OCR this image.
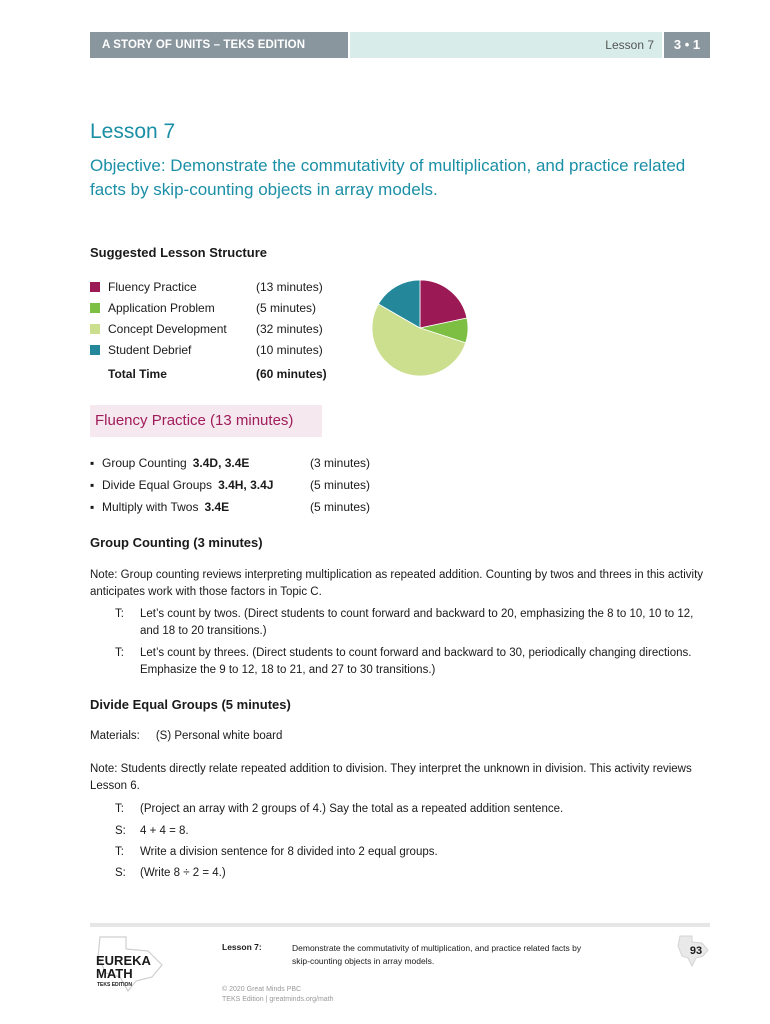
A STORY OF UNITS – TEKS EDITION	Lesson 7	3 • 1
Lesson 7
Objective: Demonstrate the commutativity of multiplication, and practice related facts by skip-counting objects in array models.
Suggested Lesson Structure
Fluency Practice	(13 minutes)
Application Problem	(5 minutes)
Concept Development (32 minutes)
Student Debrief	(10 minutes)
Total Time	(60 minutes)
Fluency Practice (13 minutes)
▪ Group Counting 3.4D, 3.4E	(3 minutes)
▪ Divide Equal Groups 3.4H, 3.4J	(5 minutes)
▪ Multiply with Twos 3.4E	(5 minutes)
Group Counting (3 minutes)
Note: Group counting reviews interpreting multiplication as repeated addition. Counting by twos and threes in this activity anticipates work with those factors in Topic C.
T: Let’s count by twos. (Direct students to count forward and backward to 20, emphasizing the 8 to 10, 10 to 12, and 18 to 20 transitions.)
T: Let’s count by threes. (Direct students to count forward and backward to 30, periodically changing directions. Emphasize the 9 to 12, 18 to 21, and 27 to 30 transitions.)
Divide Equal Groups (5 minutes)
Materials:     (S) Personal white board
Note: Students directly relate repeated addition to division. They interpret the unknown in division. This activity reviews Lesson 6.
T: (Project an array with 2 groups of 4.) Say the total as a repeated addition sentence.
S: 4 + 4 = 8.
T: Write a division sentence for 8 divided into 2 equal groups.
S: (Write 8 ÷ 2 = 4.)
EUREKA
MATH
TEKS EDITION
Lesson 7:	Demonstrate the commutativity of multiplication, and practice related facts by skip-counting objects in array models.
© 2020 Great Minds PBC
TEKS Edition | greatminds.org/math
93
